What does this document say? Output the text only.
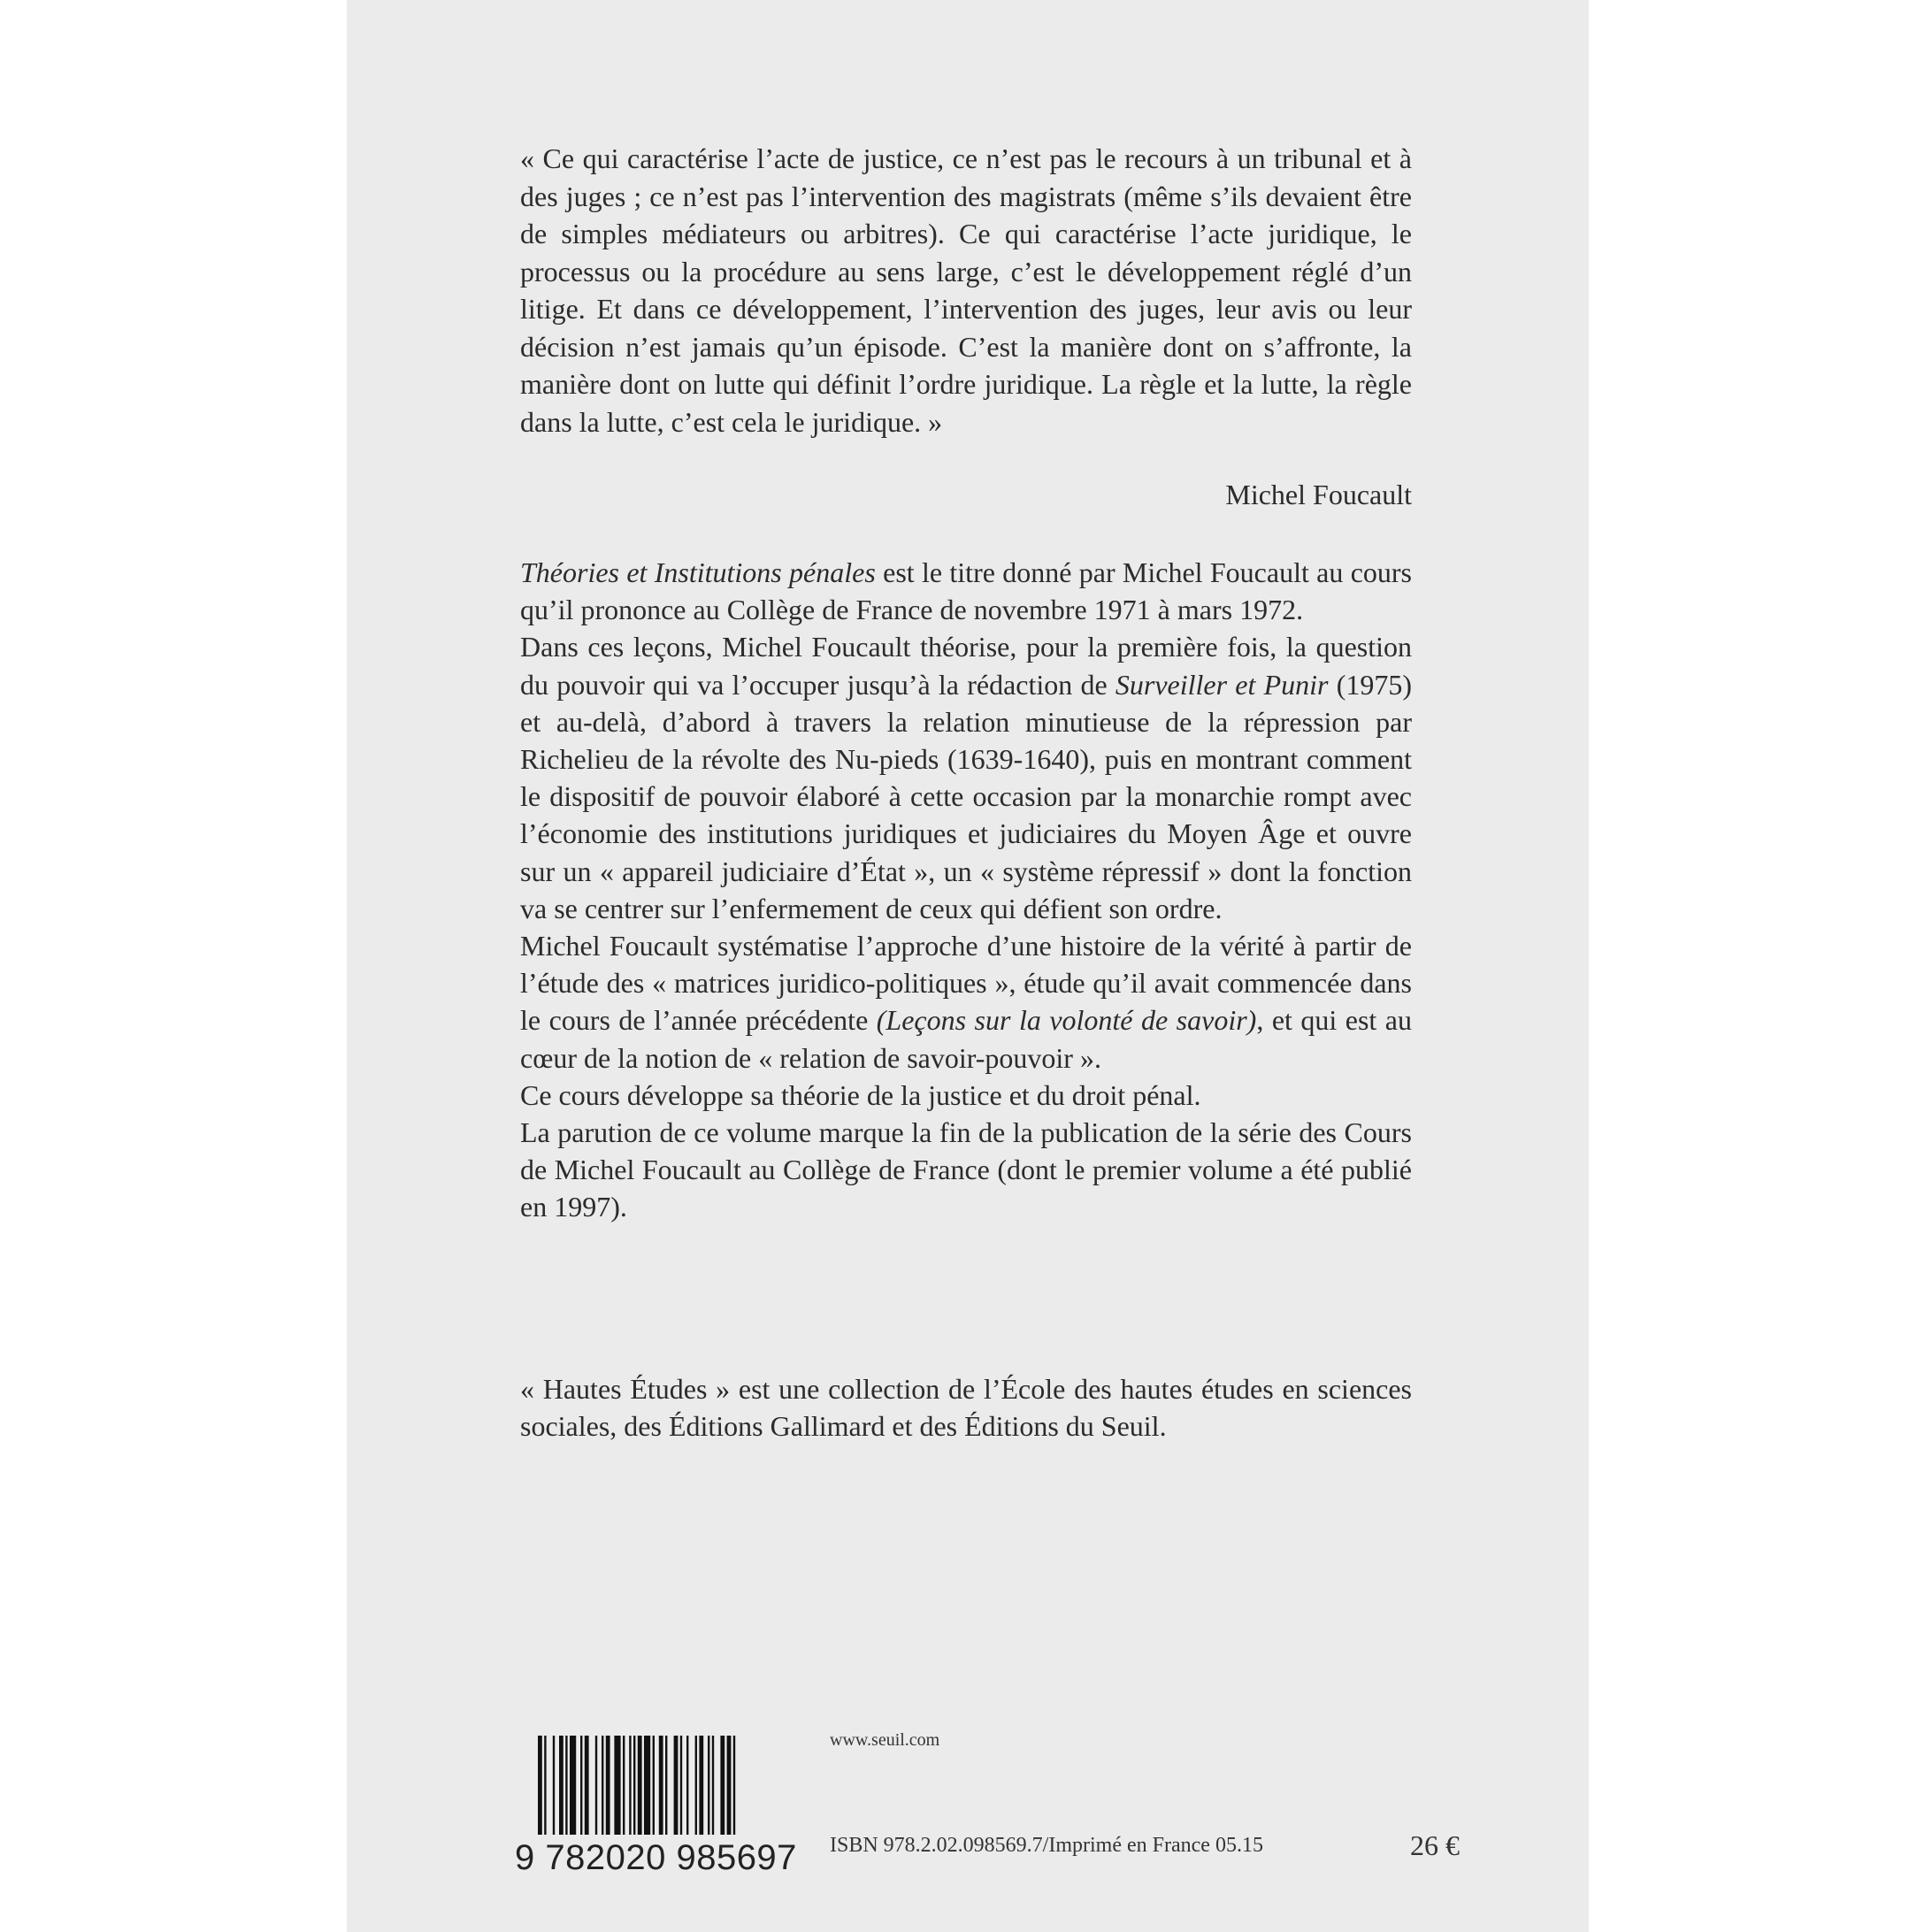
« Ce qui caractérise l’acte de justice, ce n’est pas le recours à un tribunal et à des juges ; ce n’est pas l’intervention des magistrats (même s’ils devaient être de simples médiateurs ou arbitres). Ce qui caractérise l’acte juridique, le processus ou la procédure au sens large, c’est le développement réglé d’un litige. Et dans ce développement, l’intervention des juges, leur avis ou leur décision n’est jamais qu’un épisode. C’est la manière dont on s’affronte, la manière dont on lutte qui définit l’ordre juridique. La règle et la lutte, la règle dans la lutte, c’est cela le juridique. »

Michel Foucault

Théories et Institutions pénales est le titre donné par Michel Foucault au cours qu’il prononce au Collège de France de novembre 1971 à mars 1972.

Dans ces leçons, Michel Foucault théorise, pour la première fois, la question du pouvoir qui va l’occuper jusqu’à la rédaction de Surveiller et Punir (1975) et au-delà, d’abord à travers la relation minutieuse de la répression par Richelieu de la révolte des Nu-pieds (1639-1640), puis en montrant comment le dispositif de pouvoir élaboré à cette occasion par la monarchie rompt avec l’économie des institutions juridiques et judiciaires du Moyen Âge et ouvre sur un « appareil judiciaire d’État », un « système répressif » dont la fonction va se centrer sur l’enfermement de ceux qui défient son ordre.

Michel Foucault systématise l’approche d’une histoire de la vérité à partir de l’étude des « matrices juridico-politiques », étude qu’il avait commencée dans le cours de l’année précédente (Leçons sur la volonté de savoir), et qui est au cœur de la notion de « relation de savoir-pouvoir ».

Ce cours développe sa théorie de la justice et du droit pénal.

La parution de ce volume marque la fin de la publication de la série des Cours de Michel Foucault au Collège de France (dont le premier volume a été publié en 1997).

« Hautes Études » est une collection de l’École des hautes études en sciences sociales, des Éditions Gallimard et des Éditions du Seuil.

9 782020 985697
www.seuil.com
ISBN 978.2.02.098569.7/Imprimé en France 05.15	26 €
